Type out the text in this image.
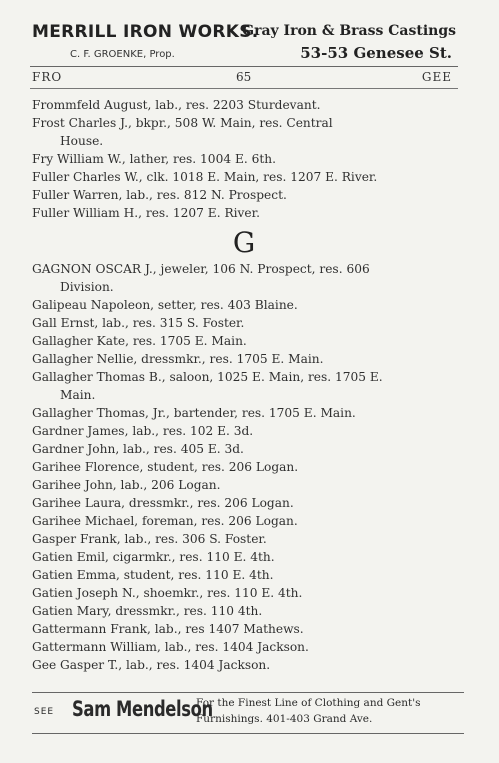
MERRILL IRON WORKS.
C. F. GROENKE, Prop.
Gray Iron & Brass Castings
53-53 Genesee St.
FRO	65	GEE
Frommfeld August, lab., res. 2203 Sturdevant.
Frost Charles J., bkpr., 508 W. Main, res. Central
House.
Fry William W., lather, res. 1004 E. 6th.
Fuller Charles W., clk. 1018 E. Main, res. 1207 E. River.
Fuller Warren, lab., res. 812 N. Prospect.
Fuller William H., res. 1207 E. River.
G
GAGNON OSCAR J., jeweler, 106 N. Prospect, res. 606
Division.
Galipeau Napoleon, setter, res. 403 Blaine.
Gall Ernst, lab., res. 315 S. Foster.
Gallagher Kate, res. 1705 E. Main.
Gallagher Nellie, dressmkr., res. 1705 E. Main.
Gallagher Thomas B., saloon, 1025 E. Main, res. 1705 E.
Main.
Gallagher Thomas, Jr., bartender, res. 1705 E. Main.
Gardner James, lab., res. 102 E. 3d.
Gardner John, lab., res. 405 E. 3d.
Garihee Florence, student, res. 206 Logan.
Garihee John, lab., 206 Logan.
Garihee Laura, dressmkr., res. 206 Logan.
Garihee Michael, foreman, res. 206 Logan.
Gasper Frank, lab., res. 306 S. Foster.
Gatien Emil, cigarmkr., res. 110 E. 4th.
Gatien Emma, student, res. 110 E. 4th.
Gatien Joseph N., shoemkr., res. 110 E. 4th.
Gatien Mary, dressmkr., res. 110 4th.
Gattermann Frank, lab., res 1407 Mathews.
Gattermann William, lab., res. 1404 Jackson.
Gee Gasper T., lab., res. 1404 Jackson.
SEE Sam Mendelson
For the Finest Line of Clothing and Gent's
Furnishings. 401-403 Grand Ave.
